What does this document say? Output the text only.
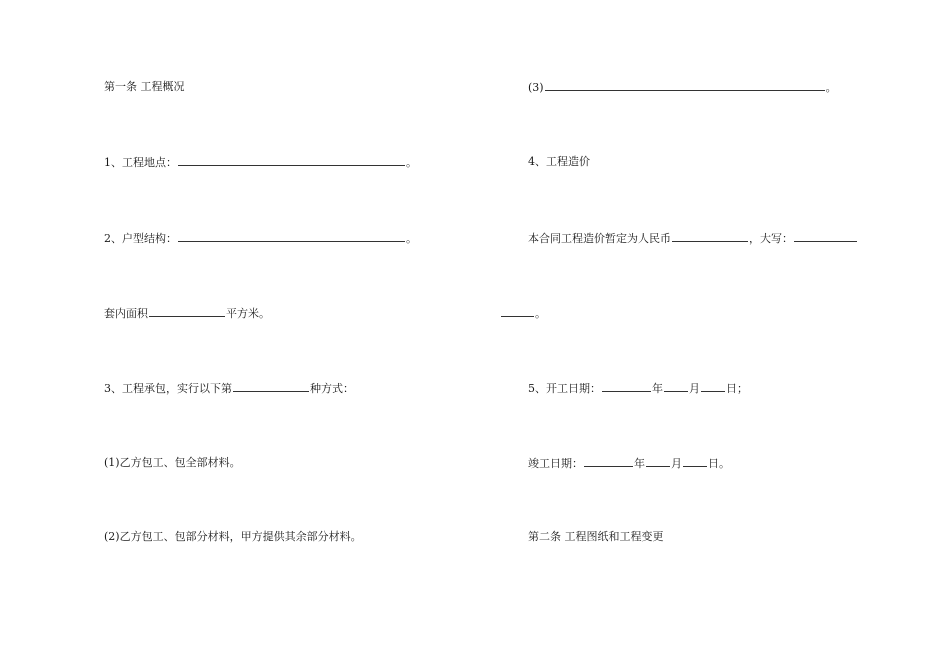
第一条 工程概况
1、工程地点：	。
2、户型结构：	。
套内面积	平方米。
3、工程承包，实行以下第	种方式：
(1)乙方包工、包全部材料。
(2)乙方包工、包部分材料，甲方提供其余部分材料。
(3)	。
4、工程造价
本合同工程造价暂定为人民币	，大写：
。
5、开工日期：	年 月 日；
竣工日期：	年 月 日。
第二条 工程图纸和工程变更
